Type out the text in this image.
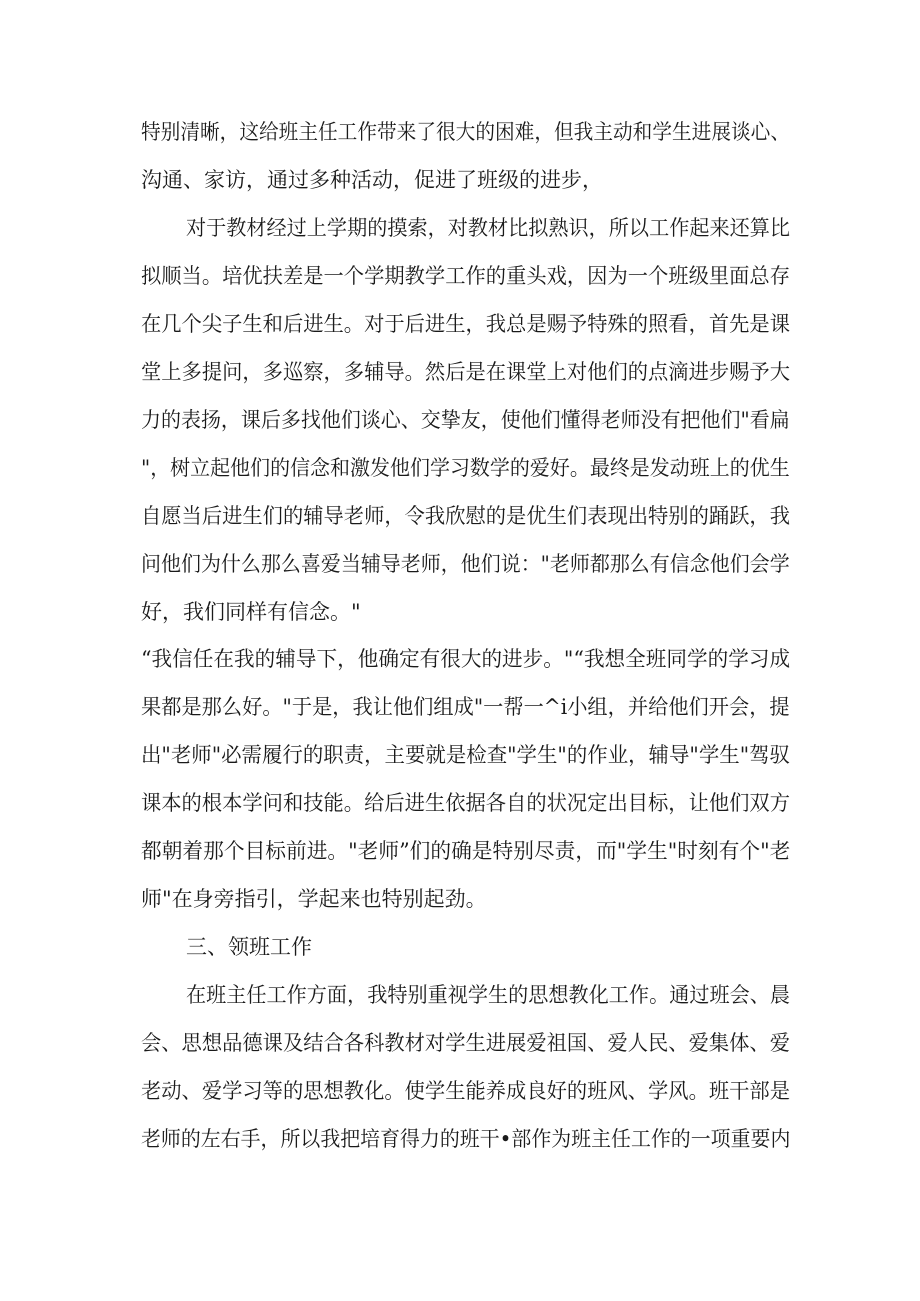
特别清晰，这给班主任工作带来了很大的困难，但我主动和学生进展谈心、
沟通、家访，通过多种活动，促进了班级的进步，
对于教材经过上学期的摸索，对教材比拟熟识，所以工作起来还算比
拟顺当。培优扶差是一个学期教学工作的重头戏，因为一个班级里面总存
在几个尖子生和后进生。对于后进生，我总是赐予特殊的照看，首先是课
堂上多提问，多巡察，多辅导。然后是在课堂上对他们的点滴进步赐予大
力的表扬，课后多找他们谈心、交挚友，使他们懂得老师没有把他们"看扁
"，树立起他们的信念和激发他们学习数学的爱好。最终是发动班上的优生
自愿当后进生们的辅导老师，令我欣慰的是优生们表现出特别的踊跃，我
问他们为什么那么喜爱当辅导老师，他们说："老师都那么有信念他们会学
好，我们同样有信念。"
“我信任在我的辅导下，他确定有很大的进步。"“我想全班同学的学习成
果都是那么好。"于是，我让他们组成"一帮一^i小组，并给他们开会，提
出"老师"必需履行的职责，主要就是检查"学生"的作业，辅导"学生"驾驭
课本的根本学问和技能。给后进生依据各自的状况定出目标，让他们双方
都朝着那个目标前进。"老师”们的确是特别尽责，而"学生"时刻有个"老
师"在身旁指引，学起来也特别起劲。
三、领班工作
在班主任工作方面，我特别重视学生的思想教化工作。通过班会、晨
会、思想品德课及结合各科教材对学生进展爱祖国、爱人民、爱集体、爱
老动、爱学习等的思想教化。使学生能养成良好的班风、学风。班干部是
老师的左右手，所以我把培育得力的班干•部作为班主任工作的一项重要内
